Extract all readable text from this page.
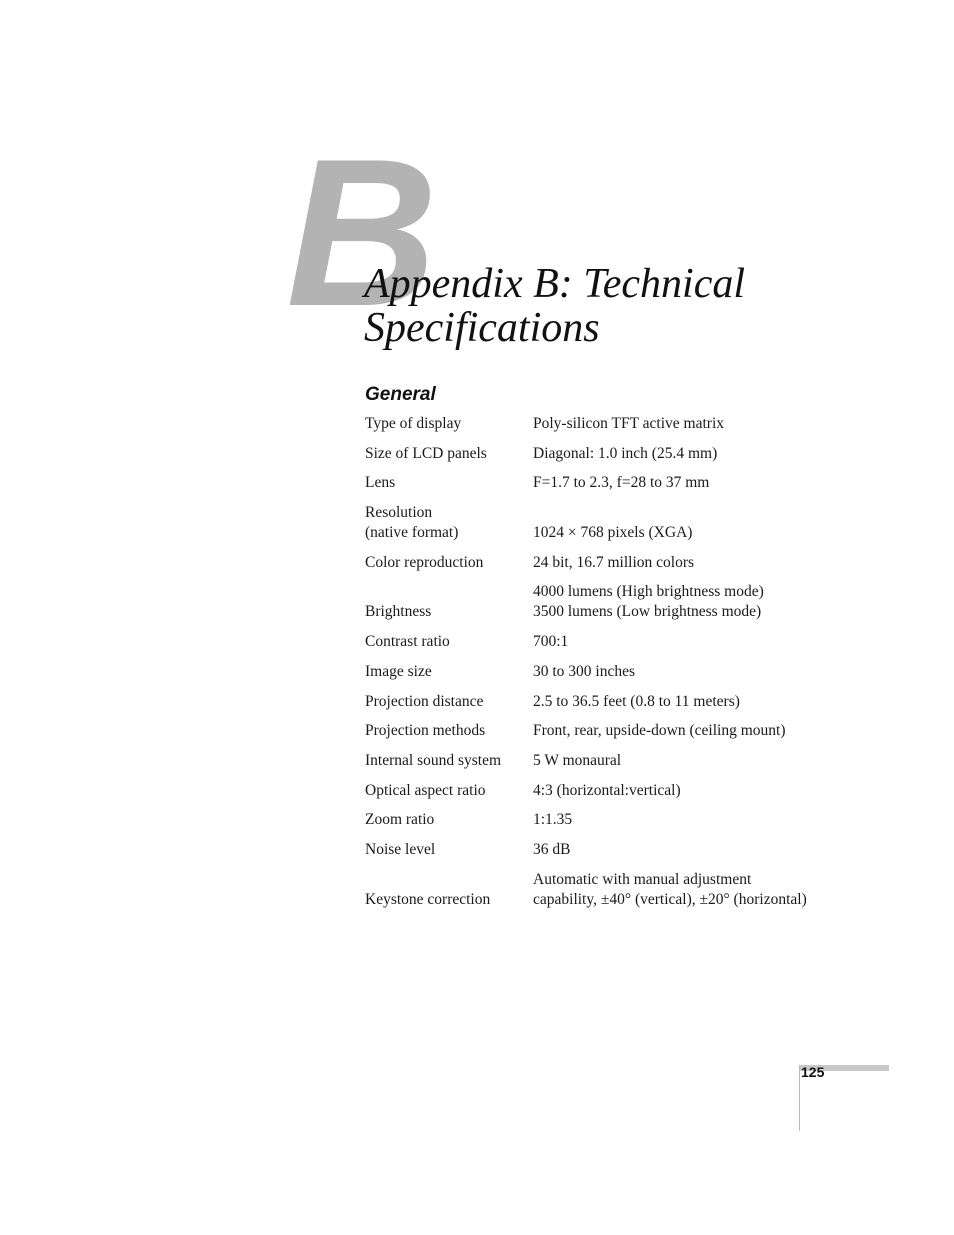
B
Appendix B: Technical
Specifications
General
Type of display	Poly-silicon TFT active matrix

Size of LCD panels	Diagonal: 1.0 inch (25.4 mm)

Lens	F=1.7 to 2.3, f=28 to 37 mm

Resolution
(native format)	1024 × 768 pixels (XGA)

Color reproduction	24 bit, 16.7 million colors

Brightness	4000 lumens (High brightness mode)
3500 lumens (Low brightness mode)

Contrast ratio	700:1

Image size	30 to 300 inches

Projection distance	2.5 to 36.5 feet (0.8 to 11 meters)

Projection methods	Front, rear, upside-down (ceiling mount)

Internal sound system	5 W monaural

Optical aspect ratio	4:3 (horizontal:vertical)

Zoom ratio	1:1.35

Noise level	36 dB

Keystone correction	Automatic with manual adjustment
capability, ±40° (vertical), ±20° (horizontal)
125
